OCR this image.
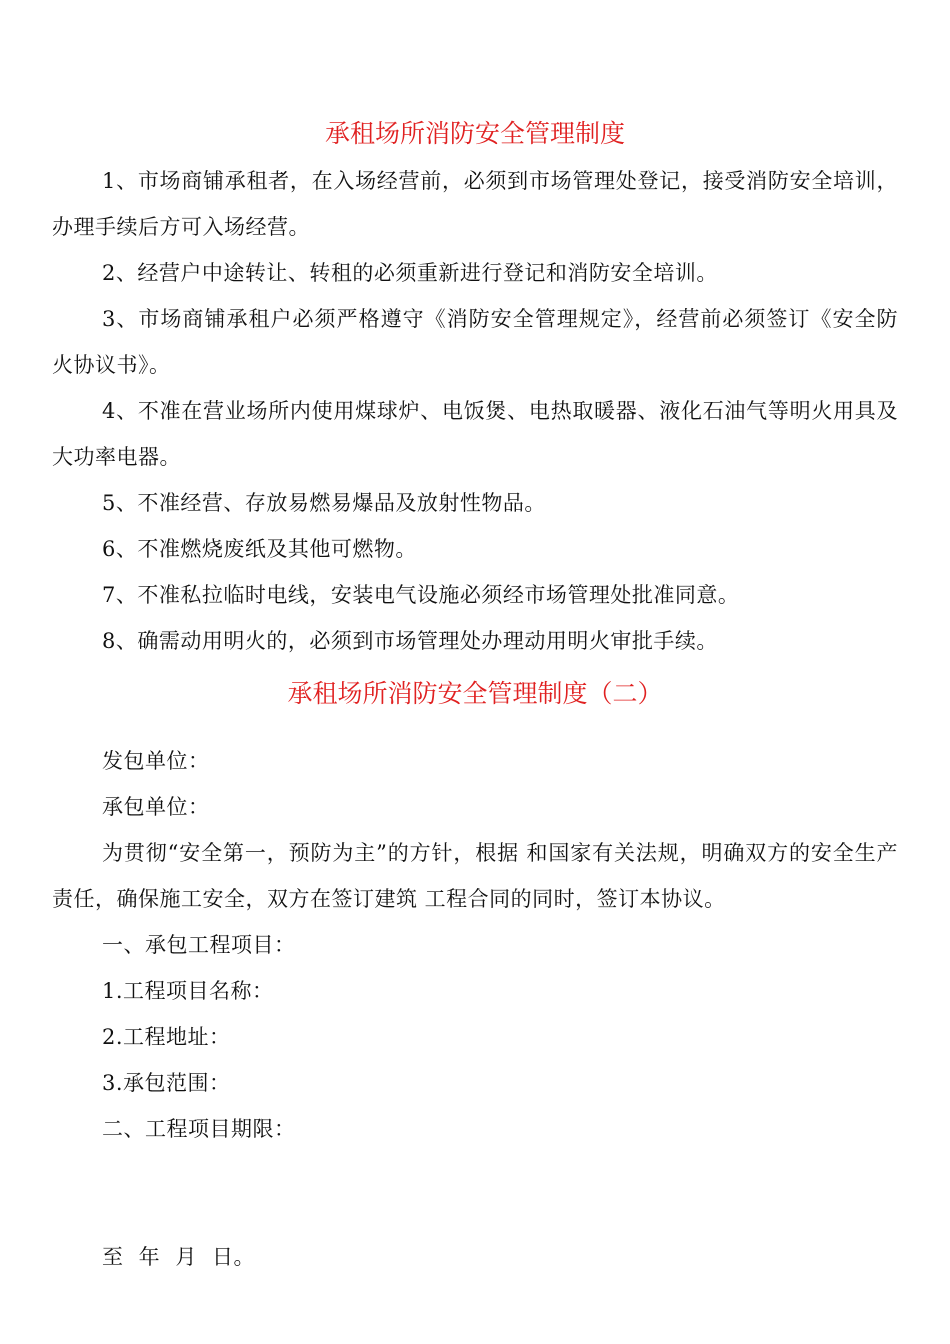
承租场所消防安全管理制度
1、市场商铺承租者，在入场经营前，必须到市场管理处登记，接受消防安全培训，办理手续后方可入场经营。
2、经营户中途转让、转租的必须重新进行登记和消防安全培训。
3、市场商铺承租户必须严格遵守《消防安全管理规定》，经营前必须签订《安全防火协议书》。
4、不准在营业场所内使用煤球炉、电饭煲、电热取暖器、液化石油气等明火用具及大功率电器。
5、不准经营、存放易燃易爆品及放射性物品。
6、不准燃烧废纸及其他可燃物。
7、不准私拉临时电线，安装电气设施必须经市场管理处批准同意。
8、确需动用明火的，必须到市场管理处办理动用明火审批手续。
承租场所消防安全管理制度（二）
发包单位：
承包单位：
为贯彻“安全第一，预防为主”的方针，根据 和国家有关法规，明确双方的安全生产责任，确保施工安全，双方在签订建筑 工程合同的同时，签订本协议。
一、承包工程项目：
1.工程项目名称：
2.工程地址：
3.承包范围：
二、工程项目期限：
至 年 月 日。
